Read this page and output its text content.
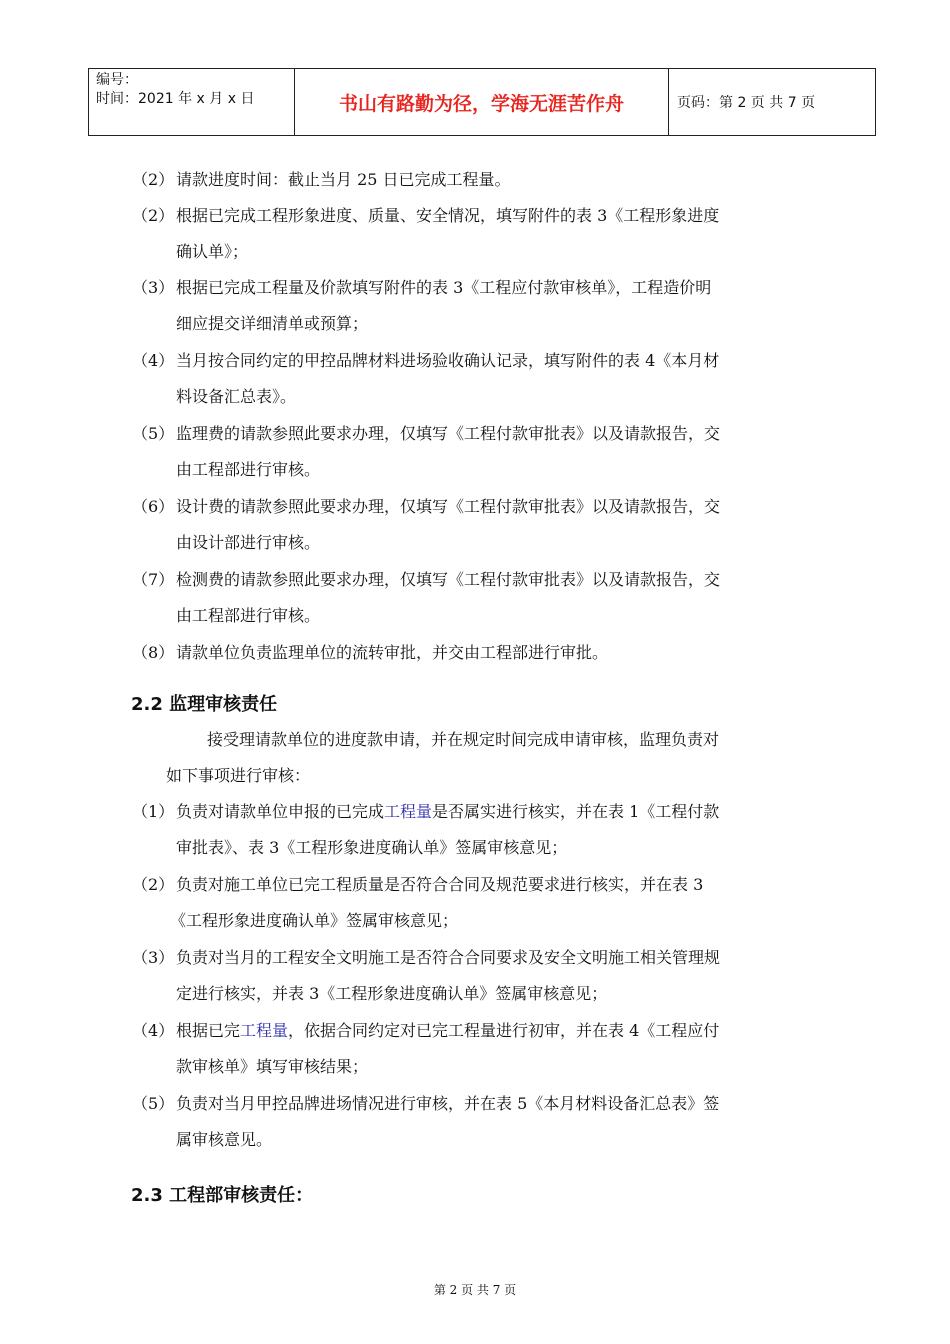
编号：
时间：2021 年 x 月 x 日	书山有路勤为径，学海无涯苦作舟	页码：第 2 页 共 7 页
（2） 请款进度时间：截止当月 25 日已完成工程量。
（2） 根据已完成工程形象进度、质量、安全情况，填写附件的表 3《工程形象进度
确认单》；
（3） 根据已完成工程量及价款填写附件的表 3《工程应付款审核单》，工程造价明
细应提交详细清单或预算；
（4） 当月按合同约定的甲控品牌材料进场验收确认记录，填写附件的表 4《本月材
料设备汇总表》。
（5） 监理费的请款参照此要求办理，仅填写《工程付款审批表》以及请款报告，交
由工程部进行审核。
（6） 设计费的请款参照此要求办理，仅填写《工程付款审批表》以及请款报告，交
由设计部进行审核。
（7） 检测费的请款参照此要求办理，仅填写《工程付款审批表》以及请款报告，交
由工程部进行审核。
（8） 请款单位负责监理单位的流转审批，并交由工程部进行审批。
2.2 监理审核责任
接受理请款单位的进度款申请，并在规定时间完成申请审核，监理负责对
如下事项进行审核：
（1） 负责对请款单位申报的已完成工程量是否属实进行核实，并在表 1《工程付款
审批表》、表 3《工程形象进度确认单》签属审核意见；
（2） 负责对施工单位已完工程质量是否符合合同及规范要求进行核实，并在表 3
《工程形象进度确认单》签属审核意见；
（3） 负责对当月的工程安全文明施工是否符合合同要求及安全文明施工相关管理规
定进行核实，并表 3《工程形象进度确认单》签属审核意见；
（4） 根据已完工程量，依据合同约定对已完工程量进行初审，并在表 4《工程应付
款审核单》填写审核结果；
（5） 负责对当月甲控品牌进场情况进行审核，并在表 5《本月材料设备汇总表》签
属审核意见。
2.3 工程部审核责任：
第 2 页 共 7 页
